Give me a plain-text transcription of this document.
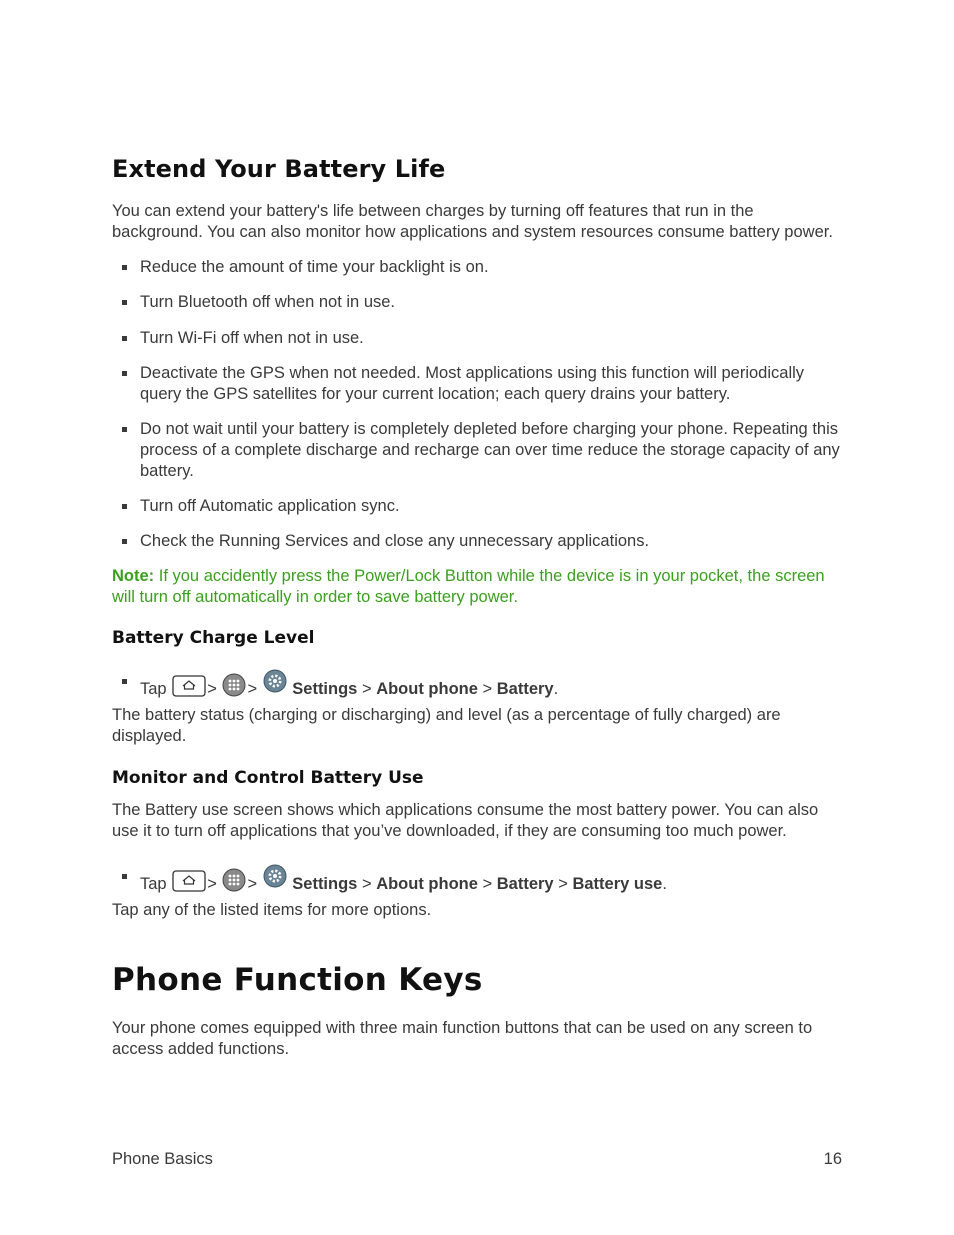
Extend Your Battery Life

You can extend your battery's life between charges by turning off features that run in the
background. You can also monitor how applications and system resources consume battery power.

Reduce the amount of time your backlight is on.
Turn Bluetooth off when not in use.
Turn Wi-Fi off when not in use.
Deactivate the GPS when not needed. Most applications using this function will periodically
query the GPS satellites for your current location; each query drains your battery.
Do not wait until your battery is completely depleted before charging your phone. Repeating this
process of a complete discharge and recharge can over time reduce the storage capacity of any
battery.
Turn off Automatic application sync.
Check the Running Services and close any unnecessary applications.

Note: If you accidently press the Power/Lock Button while the device is in your pocket, the screen
will turn off automatically in order to save battery power.

Battery Charge Level
Tap > > Settings > About phone > Battery.

The battery status (charging or discharging) and level (as a percentage of fully charged) are
displayed.

Monitor and Control Battery Use

The Battery use screen shows which applications consume the most battery power. You can also
use it to turn off applications that you’ve downloaded, if they are consuming too much power.

Tap > > Settings > About phone > Battery > Battery use.

Tap any of the listed items for more options.

Phone Function Keys

Your phone comes equipped with three main function buttons that can be used on any screen to
access added functions.

Phone Basics	16
